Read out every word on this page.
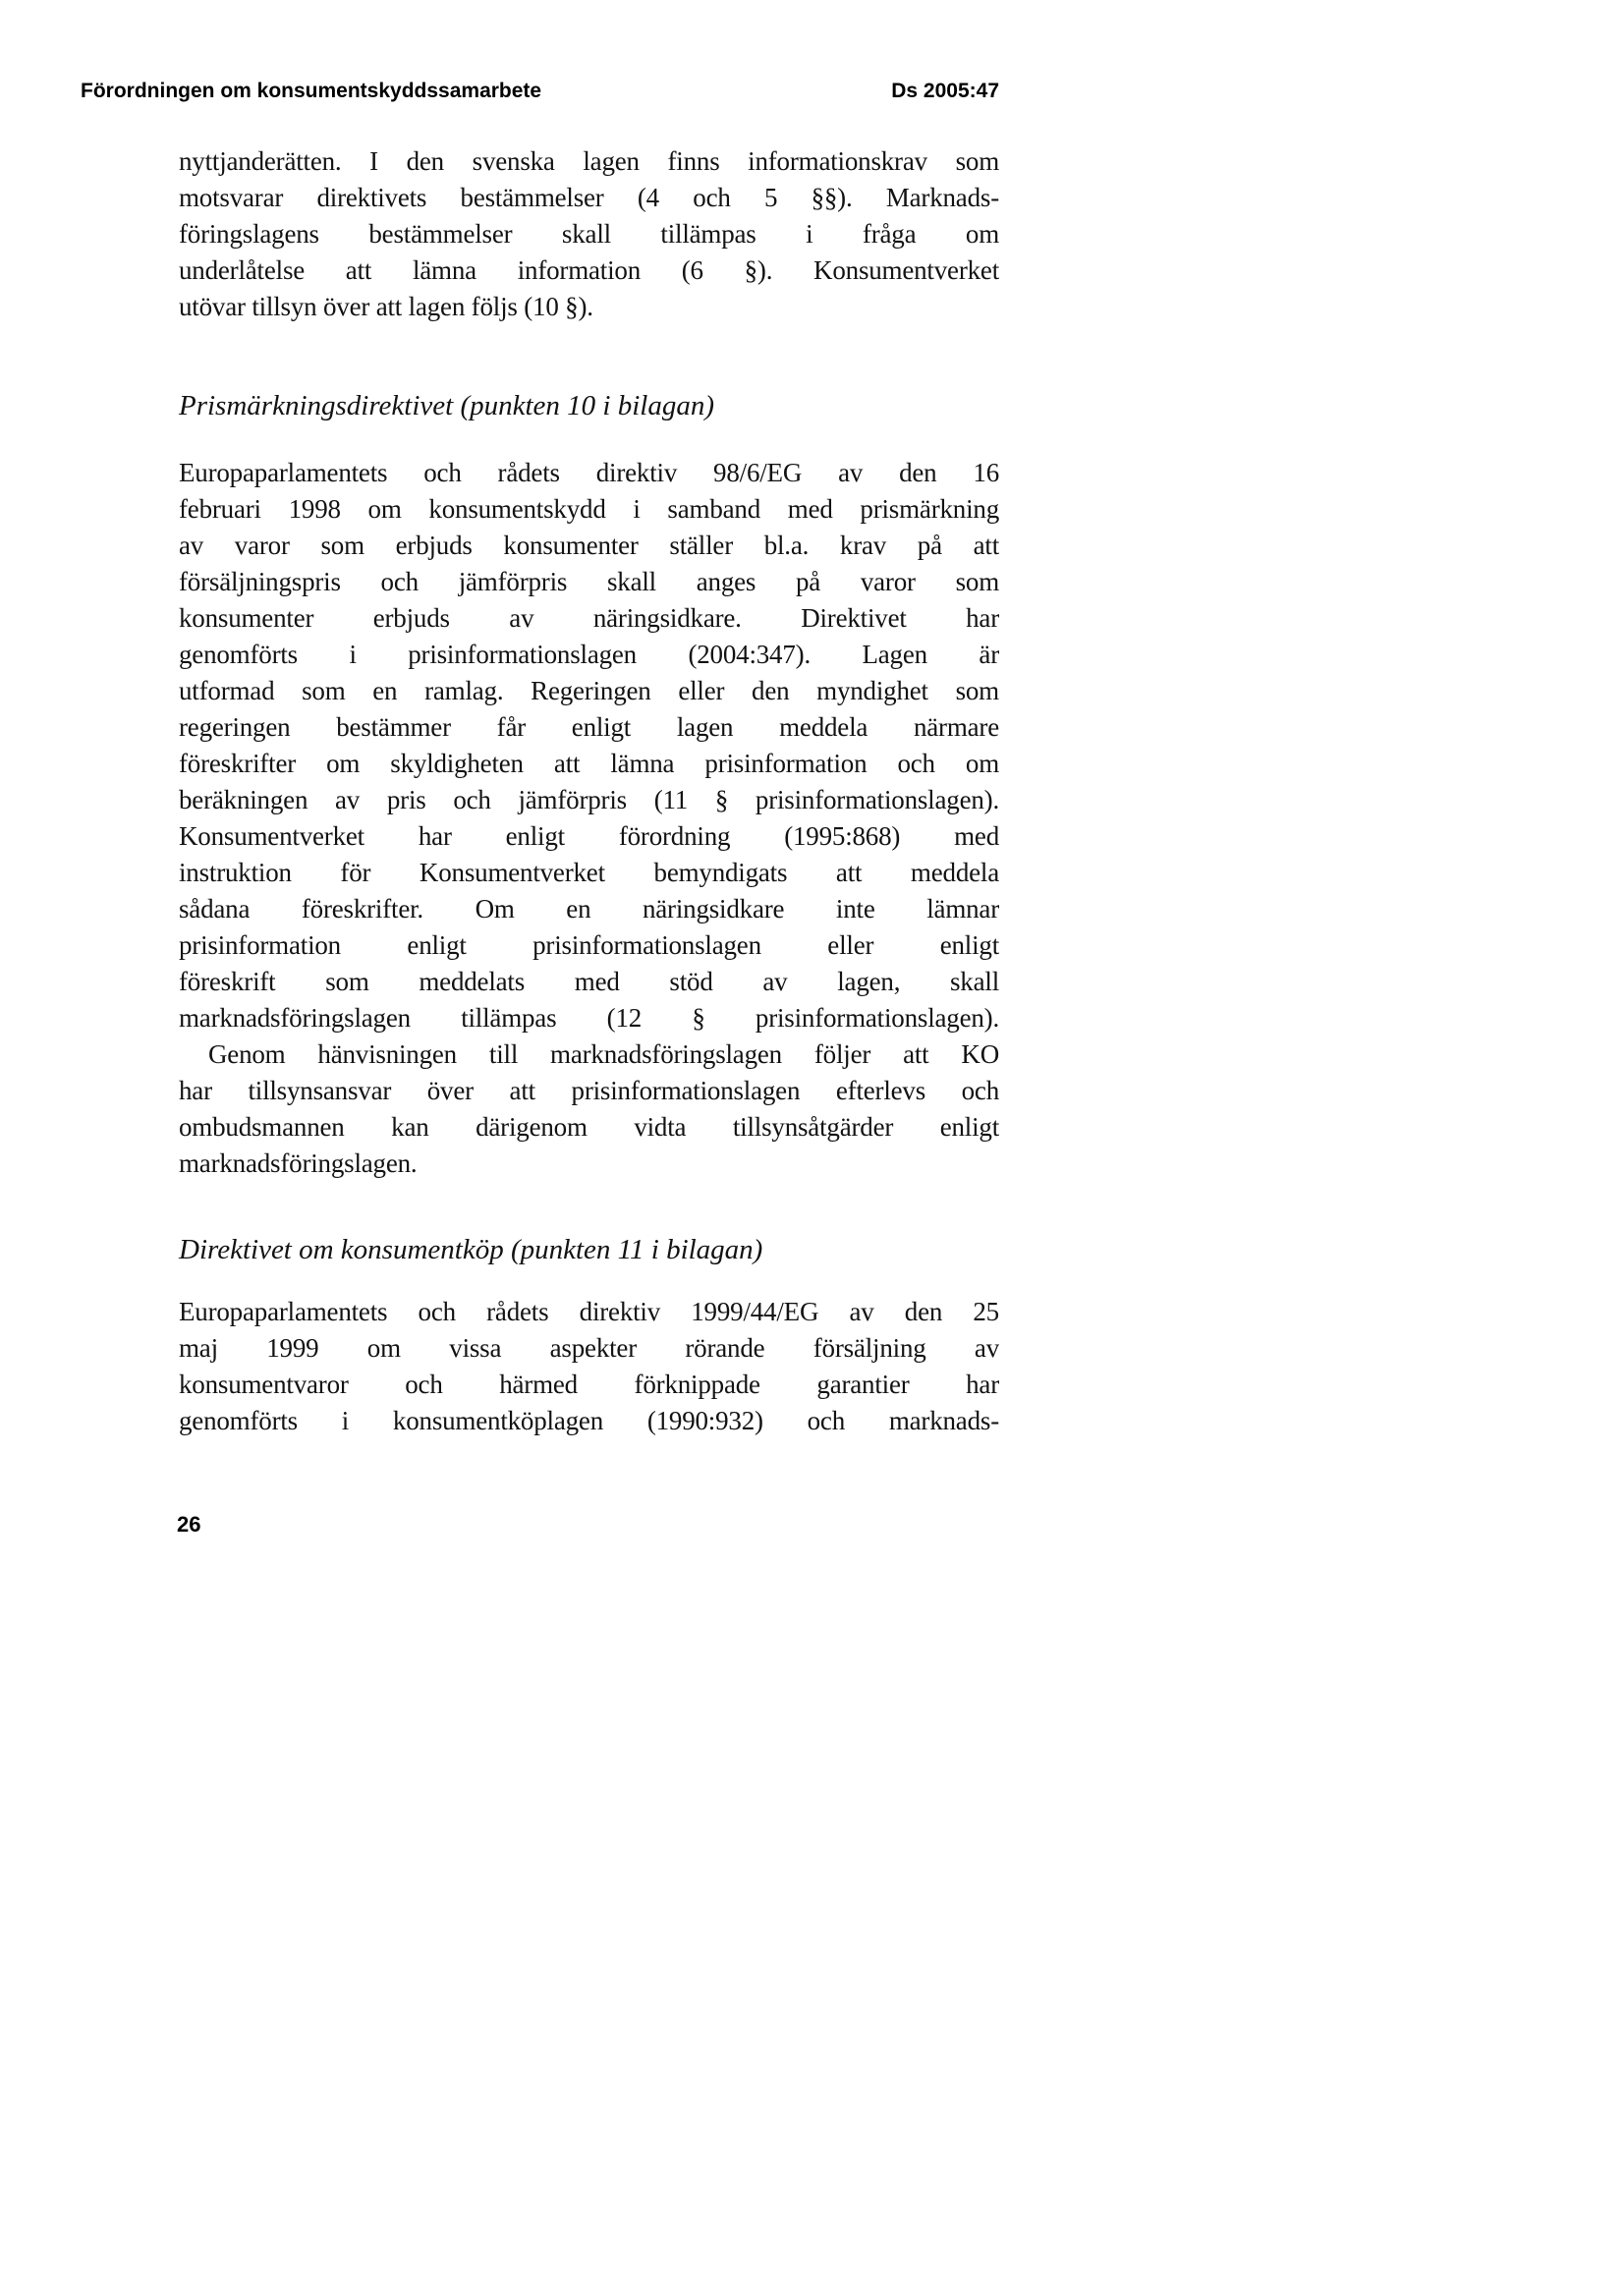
Förordningen om konsumentskyddssamarbete	Ds 2005:47
nyttjanderätten. I den svenska lagen finns informationskrav som
motsvarar direktivets bestämmelser (4 och 5 §§). Marknads-
föringslagens bestämmelser skall tillämpas i fråga om
underlåtelse att lämna information (6 §). Konsumentverket
utövar tillsyn över att lagen följs (10 §).
Prismärkningsdirektivet (punkten 10 i bilagan)
Europaparlamentets och rådets direktiv 98/6/EG av den 16
februari 1998 om konsumentskydd i samband med prismärkning
av varor som erbjuds konsumenter ställer bl.a. krav på att
försäljningspris och jämförpris skall anges på varor som
konsumenter erbjuds av näringsidkare. Direktivet har
genomförts i prisinformationslagen (2004:347). Lagen är
utformad som en ramlag. Regeringen eller den myndighet som
regeringen bestämmer får enligt lagen meddela närmare
föreskrifter om skyldigheten att lämna prisinformation och om
beräkningen av pris och jämförpris (11 § prisinformationslagen).
Konsumentverket har enligt förordning (1995:868) med
instruktion för Konsumentverket bemyndigats att meddela
sådana föreskrifter. Om en näringsidkare inte lämnar
prisinformation enligt prisinformationslagen eller enligt
föreskrift som meddelats med stöd av lagen, skall
marknadsföringslagen tillämpas (12 § prisinformationslagen).
Genom hänvisningen till marknadsföringslagen följer att KO
har tillsynsansvar över att prisinformationslagen efterlevs och
ombudsmannen kan därigenom vidta tillsynsåtgärder enligt
marknadsföringslagen.
Direktivet om konsumentköp (punkten 11 i bilagan)
Europaparlamentets och rådets direktiv 1999/44/EG av den 25
maj 1999 om vissa aspekter rörande försäljning av
konsumentvaror och härmed förknippade garantier har
genomförts i konsumentköplagen (1990:932) och marknads-
26
